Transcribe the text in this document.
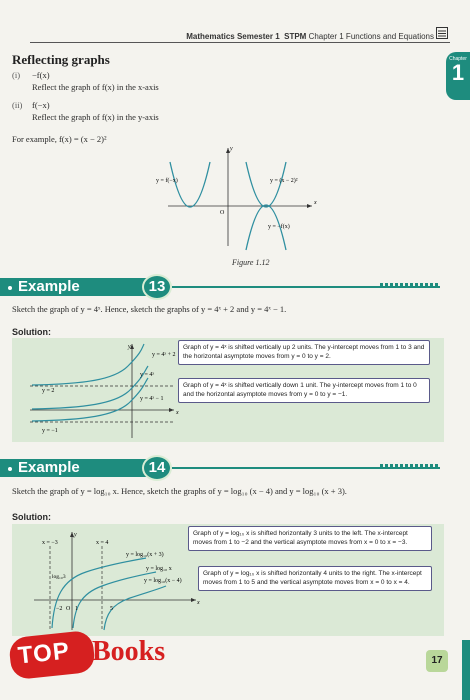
Mathematics Semester 1 STPM Chapter 1 Functions and Equations
Chapter
1
Reflecting graphs
(i) −f(x)
Reflect the graph of f(x) in the x-axis
(ii) f(−x)
Reflect the graph of f(x) in the y-axis
For example, f(x) = (x − 2)²
y = f(−x)	y = (x − 2)²
y = −f(x)
y
x
O
Figure 1.12
Example	13
Sketch the graph of y = 4ˣ. Hence, sketch the graphs of y = 4ˣ + 2 and y = 4ˣ − 1.
Solution:
y = 4ˣ + 2
y = 4ˣ
y = 4ˣ − 1
y = 2
y = −1
x
y	Graph of y = 4ˣ is shifted vertically up 2 units. The y-intercept moves from 1 to 3 and the horizontal asymptote moves from y = 0 to y = 2.
Graph of y = 4ˣ is shifted vertically down 1 unit. The y-intercept moves from 1 to 0 and the horizontal asymptote moves from y = 0 to y = −1.
Example	14
Sketch the graph of y = log₁₀ x. Hence, sketch the graphs of y = log₁₀ (x − 4) and y = log₁₀ (x + 3).
Solution:
x = −3	x = 4
y = log₁₀(x + 3)
y = log₁₀ x
y = log₁₀(x − 4)
log₁₀3
−2 O 1	5
x
y	Graph of y = log₁₀ x is shifted horizontally 3 units to the left. The x-intercept moves from 1 to −2 and the vertical asymptote moves from x = 0 to x = −3.
Graph of y = log₁₀ x is shifted horizontally 4 units to the right. The x-intercept moves from 1 to 5 and the vertical asymptote moves from x = 0 to x = 4.
TOP Books	17
